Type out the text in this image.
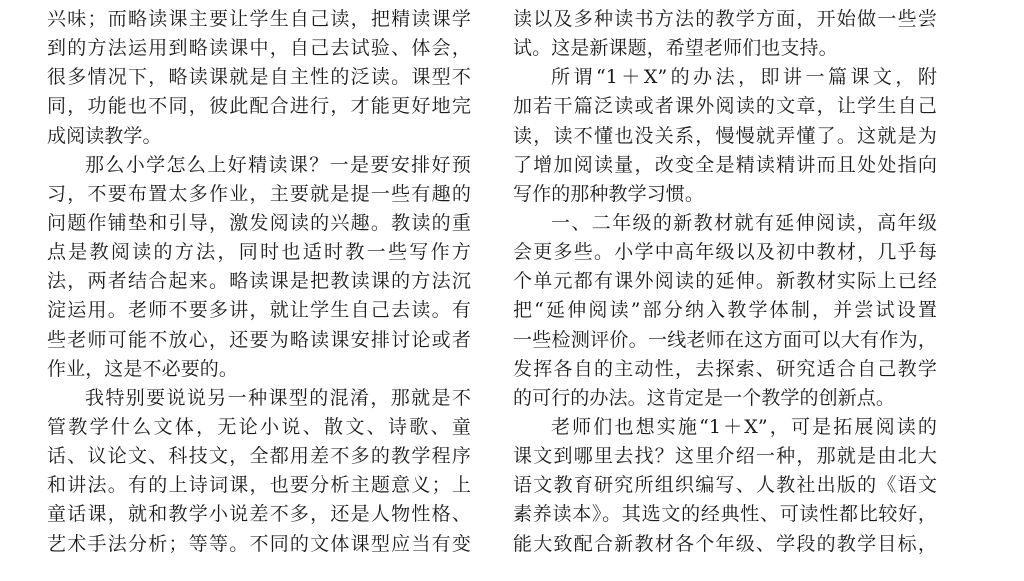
兴味；而略读课主要让学生自己读，把精读课学
到的方法运用到略读课中，自己去试验、体会，
很多情况下，略读课就是自主性的泛读。课型不
同，功能也不同，彼此配合进行，才能更好地完
成阅读教学。
那么小学怎么上好精读课？一是要安排好预
习，不要布置太多作业，主要就是提一些有趣的
问题作铺垫和引导，激发阅读的兴趣。教读的重
点是教阅读的方法，同时也适时教一些写作方
法，两者结合起来。略读课是把教读课的方法沉
淀运用。老师不要多讲，就让学生自己去读。有
些老师可能不放心，还要为略读课安排讨论或者
作业，这是不必要的。
我特别要说说另一种课型的混淆，那就是不
管教学什么文体，无论小说、散文、诗歌、童
话、议论文、科技文，全都用差不多的教学程序
和讲法。有的上诗词课，也要分析主题意义；上
童话课，就和教学小说差不多，还是人物性格、
艺术手法分析；等等。不同的文体课型应当有变
读以及多种读书方法的教学方面，开始做一些尝
试。这是新课题，希望老师们也支持。
所谓“1＋X”的办法，即讲一篇课文，附
加若干篇泛读或者课外阅读的文章，让学生自己
读，读不懂也没关系，慢慢就弄懂了。这就是为
了增加阅读量，改变全是精读精讲而且处处指向
写作的那种教学习惯。
一、二年级的新教材就有延伸阅读，高年级
会更多些。小学中高年级以及初中教材，几乎每
个单元都有课外阅读的延伸。新教材实际上已经
把“延伸阅读”部分纳入教学体制，并尝试设置
一些检测评价。一线老师在这方面可以大有作为，
发挥各自的主动性，去探索、研究适合自己教学
的可行的办法。这肯定是一个教学的创新点。
老师们也想实施“1＋X”，可是拓展阅读的
课文到哪里去找？这里介绍一种，那就是由北大
语文教育研究所组织编写、人教社出版的《语文
素养读本》。其选文的经典性、可读性都比较好，
能大致配合新教材各个年级、学段的教学目标，
